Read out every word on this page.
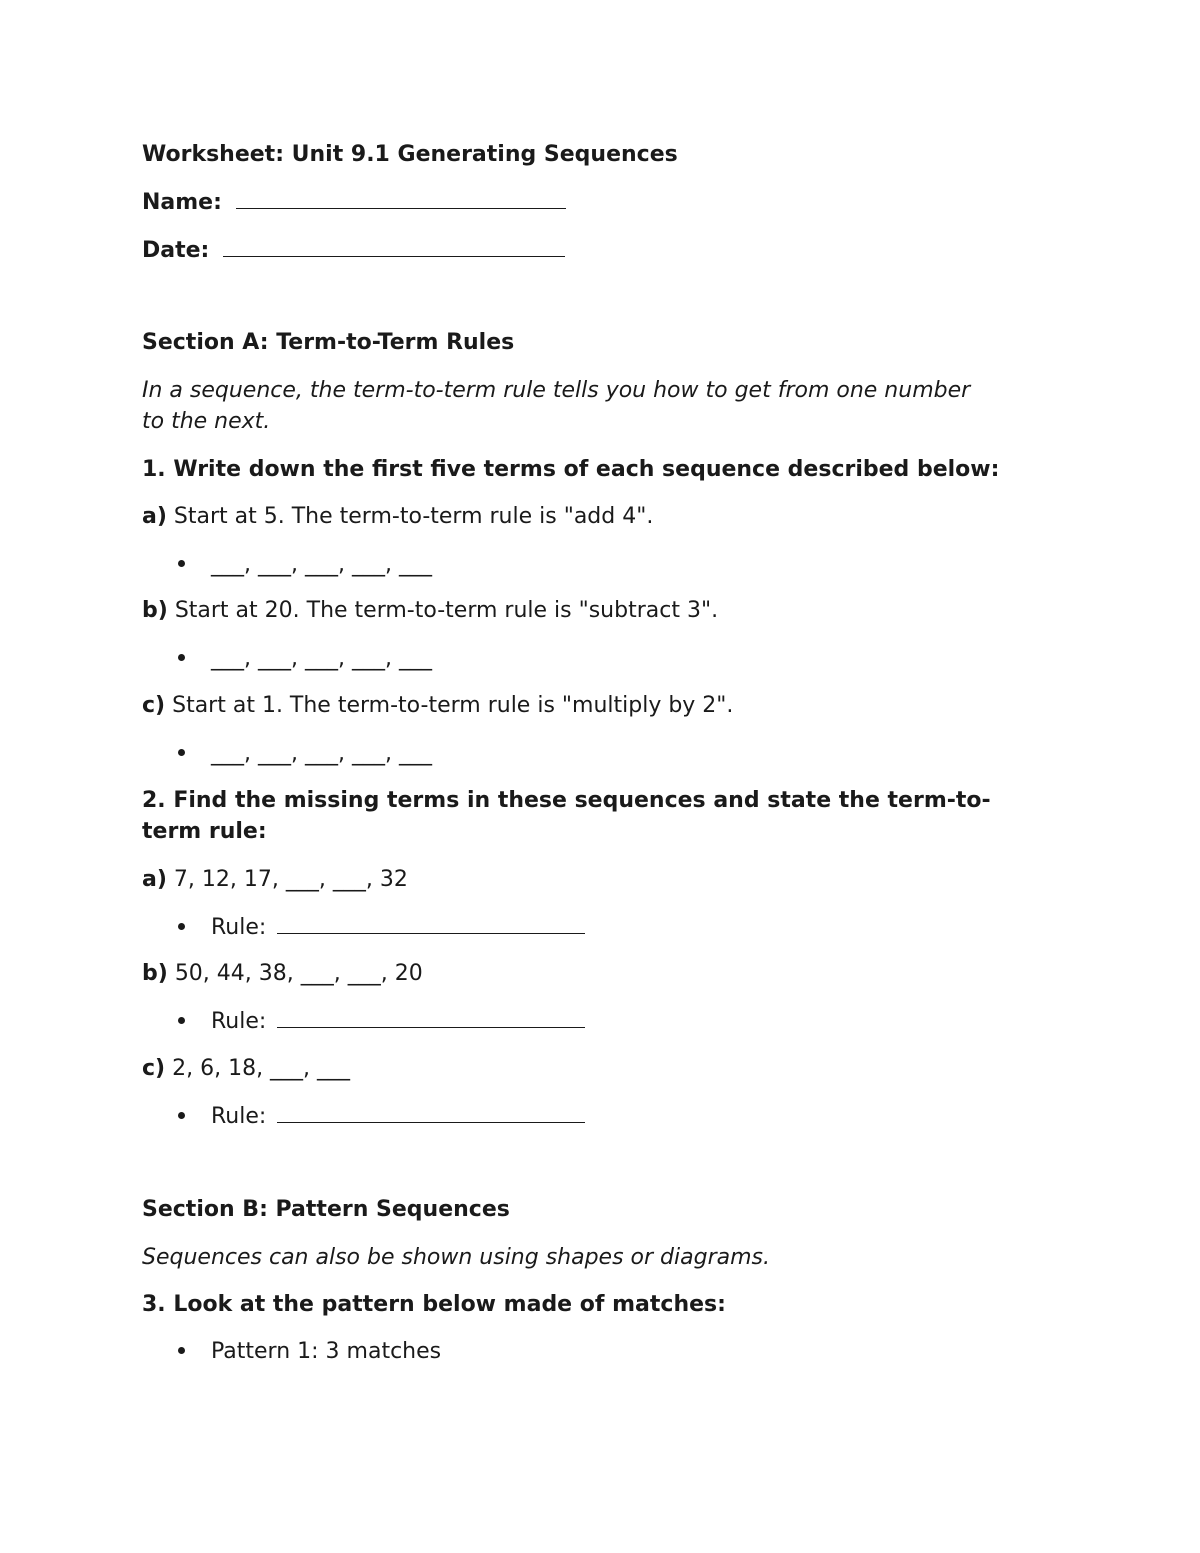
Worksheet: Unit 9.1 Generating Sequences
Name:
Date:
Section A: Term-to-Term Rules
In a sequence, the term-to-term rule tells you how to get from one number
to the next.
1. Write down the first five terms of each sequence described below:
a) Start at 5. The term-to-term rule is "add 4".
___, ___, ___, ___, ___
b) Start at 20. The term-to-term rule is "subtract 3".
___, ___, ___, ___, ___
c) Start at 1. The term-to-term rule is "multiply by 2".
___, ___, ___, ___, ___
2. Find the missing terms in these sequences and state the term-to-
term rule:
a) 7, 12, 17, ___, ___, 32
Rule:
b) 50, 44, 38, ___, ___, 20
Rule:
c) 2, 6, 18, ___, ___
Rule:
Section B: Pattern Sequences
Sequences can also be shown using shapes or diagrams.
3. Look at the pattern below made of matches:
Pattern 1: 3 matches
